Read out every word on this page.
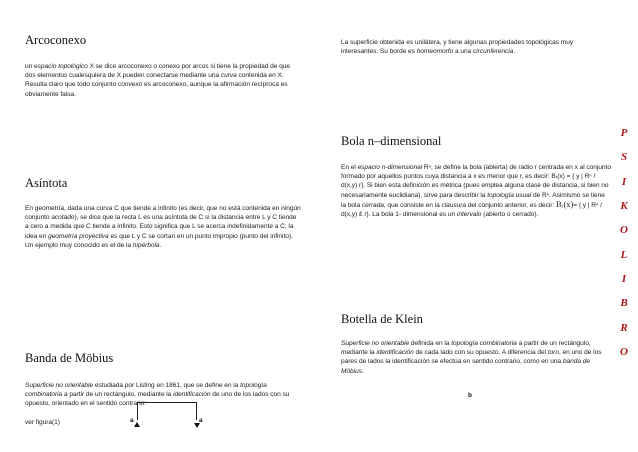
Arcoconexo
un espacio topológico X se dice arcoconexo o conexo por arcos si tiene la propiedad de que dos elementos cualesquiera de X pueden conectarse mediante una curva contenida en X. Resulta claro que todo conjunto convexo es arcoconexo, aunque la afirmación recíproca es obviamente falsa.
Asíntota
En geometría, dada una curva C que tiende a infinito (es decir, que no está contenida en ningún conjunto acotado), se dice que la recta L es una asíntota de C si la distancia entre L y C tiende a cero a medida que C tiende a infinito. Esto significa que L se acerca indefinidamente a C; la idea en geometría proyectiva es que L y C se cortan en un punto impropio (punto del infinito). Un ejemplo muy conocido es el de la hipérbola.
Banda de Möbius
Superficie no orientable estudiada por Listing en 1861, que se define en la topología combinatoria a partir de un rectángulo, mediante la identificación de uno de los lados con su opuesto, orientado en el sentido contrario:
ver figura(1)	a	a
La superficie obtenida es unilátera, y tiene algunas propiedades topológicas muy interesantes. Su borde es homeomorfo a una circunferencia.
Bola n–dimensional
En el espacio n-dimensional Rⁿ, se define la bola (abierta) de radio r centrada en x al conjunto formado por aquellos puntos cuya distancia a x es menor que r, es decir: Bᵣ(x) = { y | Rⁿ / d(x,y) r}. Si bien esta definición es métrica (pues emplea alguna clase de distancia, si bien no necesariamente euclidiana), sirve para describir la topología usual de Rⁿ. Asimismo se tiene la bola cerrada, que consiste en la clausura del conjunto anterior, es decir: Bᵣ(x)= { y | Rⁿ / d(x,y) £ r}. La bola 1- dimensional es un intervalo (abierto o cerrado).
Botella de Klein
Superficie no orientable definida en la topología combinatoria a partir de un rectángulo, mediante la identificación de cada lado con su opuesto. A diferencia del toro, en uno de los pares de lados la identificación se efectúa en sentido contrario, como en una banda de Möbius.
b
P
S
I
K
O
L
I
B
R
O
